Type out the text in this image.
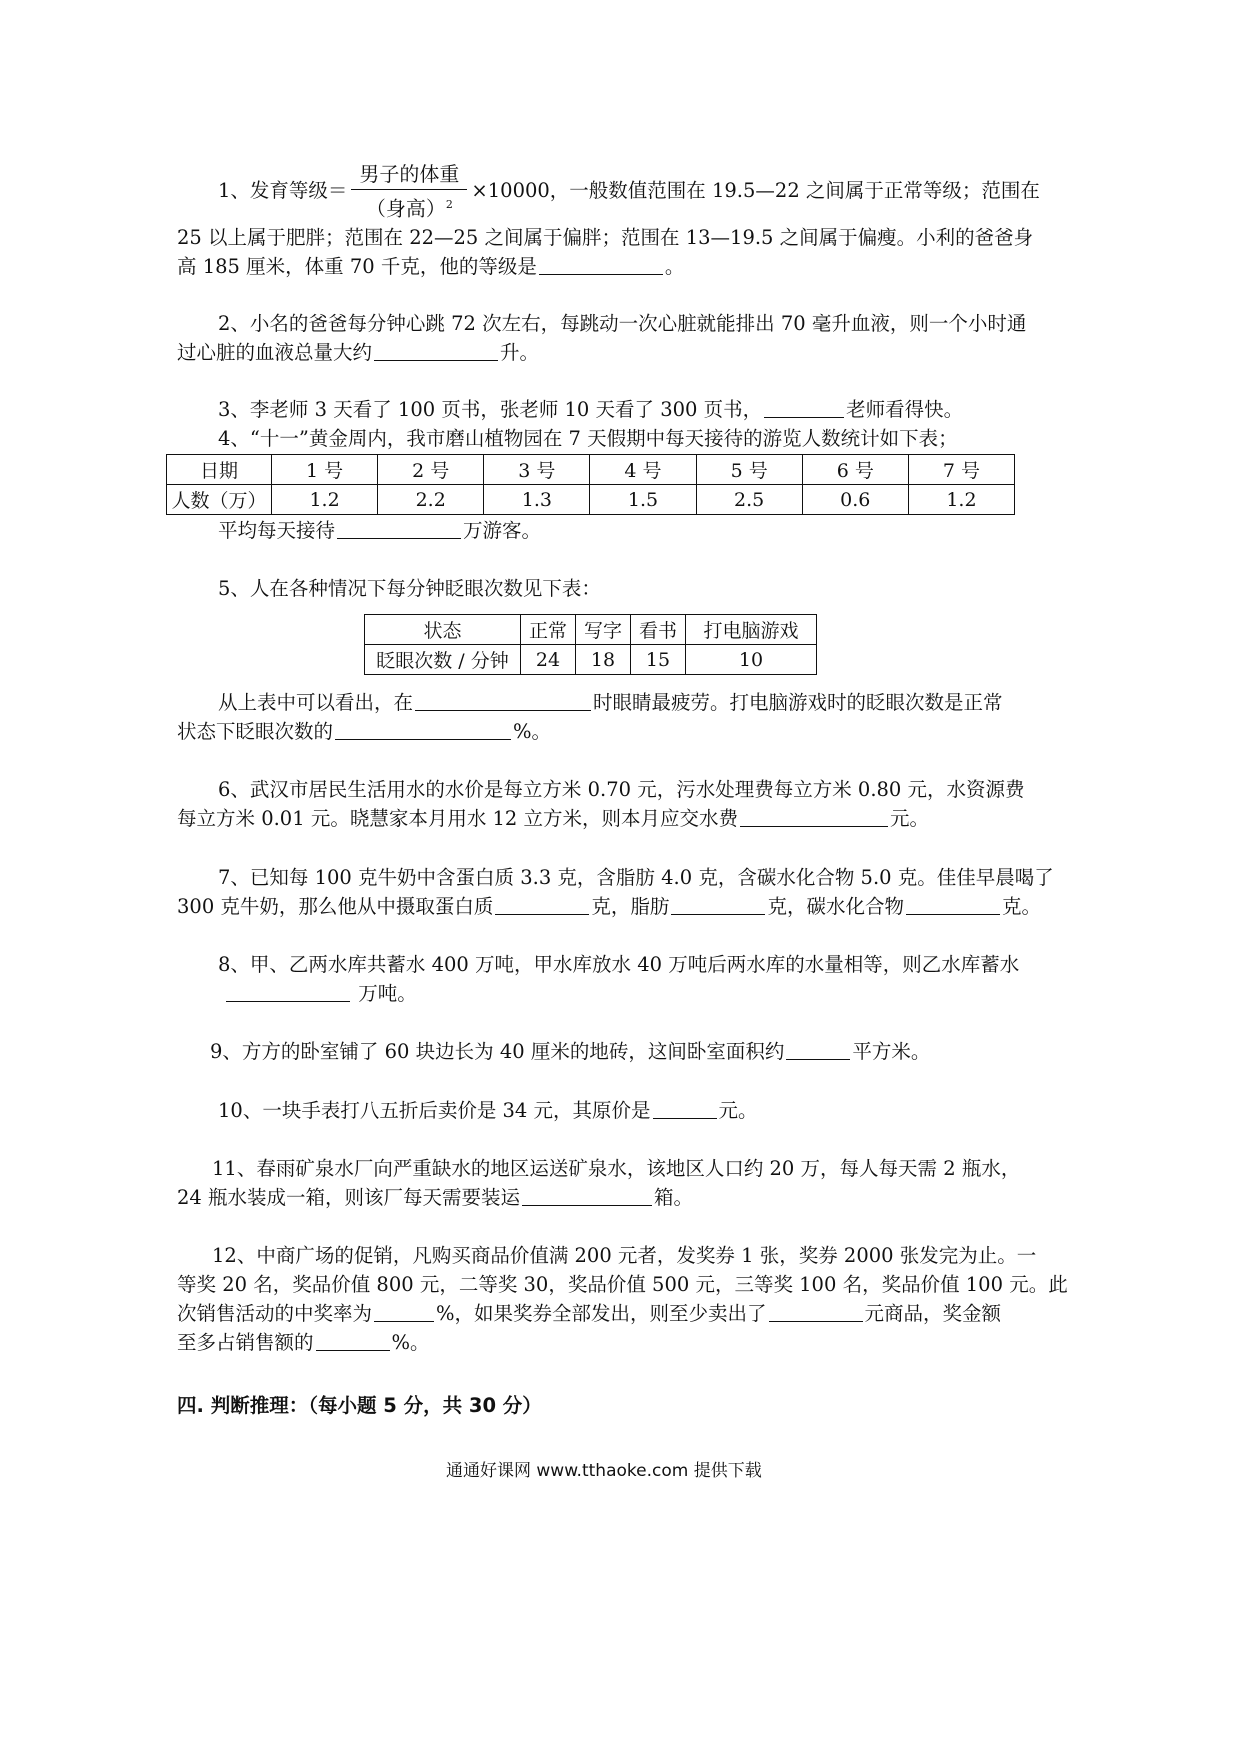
1、发育等级＝ $\frac{\text{男子的体重}}{(身高)^2} \times 10000$，一般数值范围在 19.5—22 之间属于正常等级；范围在
25 以上属于肥胖；范围在 22—25 之间属于偏胖；范围在 13—19.5 之间属于偏瘦。小利的爸爸身
高 185 厘米，体重 70 千克，他的等级是	。
2、小名的爸爸每分钟心跳 72 次左右，每跳动一次心脏就能排出 70 毫升血液，则一个小时通
过心脏的血液总量大约	升。
3、李老师 3 天看了 100 页书，张老师 10 天看了 300 页书，	老师看得快。
4、“十一”黄金周内，我市磨山植物园在 7 天假期中每天接待的游览人数统计如下表；
日期	1 号	2 号	3 号	4 号	5 号	6 号	7 号
人数（万）	1.2	2.2	1.3	1.5	2.5	0.6	1.2
平均每天接待	万游客。
5、人在各种情况下每分钟眨眼次数见下表：
状态	正常	写字	看书	打电脑游戏
眨眼次数 / 分钟	24	18	15	10
从上表中可以看出，在	时眼睛最疲劳。打电脑游戏时的眨眼次数是正常
状态下眨眼次数的	%。
6、武汉市居民生活用水的水价是每立方米 0.70 元，污水处理费每立方米 0.80 元，水资源费
每立方米 0.01 元。晓慧家本月用水 12 立方米，则本月应交水费	元。
7、已知每 100 克牛奶中含蛋白质 3.3 克，含脂肪 4.0 克，含碳水化合物 5.0 克。佳佳早晨喝了
300 克牛奶，那么他从中摄取蛋白质	克，脂肪	克，碳水化合物	克。
8、甲、乙两水库共蓄水 400 万吨，甲水库放水 40 万吨后两水库的水量相等，则乙水库蓄水
万吨。
9、方方的卧室铺了 60 块边长为 40 厘米的地砖，这间卧室面积约	平方米。
10、一块手表打八五折后卖价是 34 元，其原价是	元。
11、春雨矿泉水厂向严重缺水的地区运送矿泉水，该地区人口约 20 万，每人每天需 2 瓶水，
24 瓶水装成一箱，则该厂每天需要装运	箱。
12、中商广场的促销，凡购买商品价值满 200 元者，发奖券 1 张，奖券 2000 张发完为止。一
等奖 20 名，奖品价值 800 元，二等奖 30，奖品价值 500 元，三等奖 100 名，奖品价值 100 元。此
次销售活动的中奖率为	%，如果奖券全部发出，则至少卖出了	元商品，奖金额
至多占销售额的	%。
四. 判断推理：（每小题 5 分，共 30 分）
通通好课网 www.tthaoke.com 提供下载
